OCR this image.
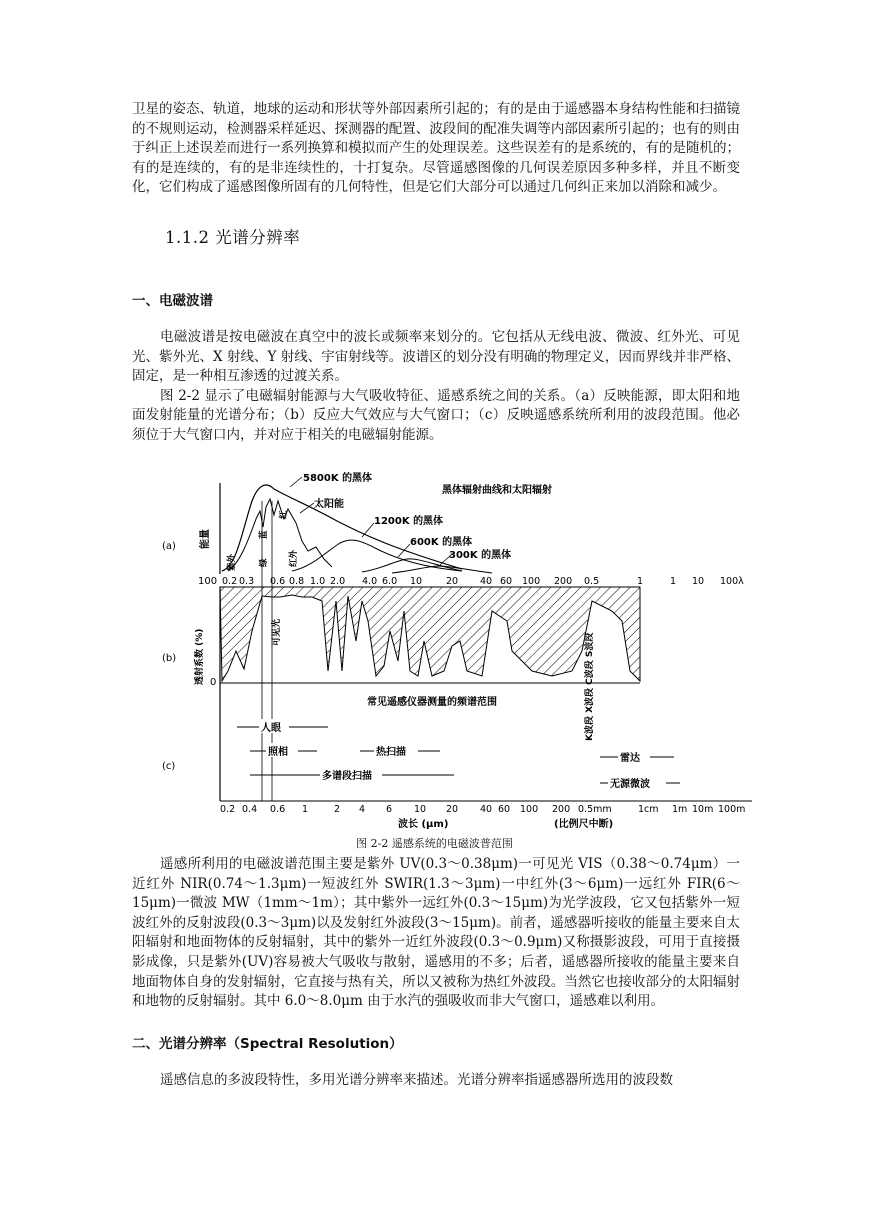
卫星的姿态、轨道，地球的运动和形状等外部因素所引起的；有的是由于遥感器本身结构性能和扫描镜的不规则运动，检测器采样延迟、探测器的配置、波段间的配准失调等内部因素所引起的；也有的则由于纠正上述误差而进行一系列换算和模拟而产生的处理误差。这些误差有的是系统的，有的是随机的；有的是连续的，有的是非连续性的，十打复杂。尽管遥感图像的几何误差原因多种多样，并且不断变化，它们构成了遥感图像所固有的几何特性，但是它们大部分可以通过几何纠正来加以消除和减少。

1.1.2 光谱分辨率
一、电磁波谱

电磁波谱是按电磁波在真空中的波长或频率来划分的。它包括从无线电波、微波、红外光、可见光、紫外光、X 射线、Y 射线、宇宙射线等。波谱区的划分没有明确的物理定义，因而界线并非严格、固定，是一种相互渗透的过渡关系。

图 2-2 显示了电磁辐射能源与大气吸收特征、遥感系统之间的关系。（a）反映能源，即太阳和地面发射能量的光谱分布；（b）反应大气效应与大气窗口；（c）反映遥感系统所利用的波段范围。他必须位于大气窗口内，并对应于相关的电磁辐射能源。

(a) 能量
黑体辐射曲线和太阳辐射
5800K 的黑体
太阳能
1200K 的黑体
600K 的黑体
300K 的黑体
紫外
蓝
绿
红
红外
(b) 透射系数 (%)
100
0
可见光
0.2 0.3 0.6 0.8 1.0 2.0 4.0 6.0 10	20 40 60 100 200 0.5	1	1 10 100λ
(c)
常见遥感仪器测量的频谱范围
人眼
照相	热扫描
多谱段扫描
雷达
无源微波
K波段 X波段 C波段 S波段
0.2 0.4 0.6 1	2 4 6 10 20 40 60 100 200 0.5mm	1cm 1m 10m 100m
波长 (μm)	(比例尺中断)
图 2-2 遥感系统的电磁波普范围

遥感所利用的电磁波谱范围主要是紫外 UV(0.3～0.38μm)一可见光 VIS（0.38～0.74μm）一近红外 NIR(0.74～1.3μm)一短波红外 SWIR(1.3～3μm)一中红外(3～6μm)一远红外 FIR(6～15μm)一微波 MW（1mm～1m）；其中紫外一远红外(0.3～15μm)为光学波段，它又包括紫外一短波红外的反射波段(0.3～3μm)以及发射红外波段(3～15μm)。前者，遥感器听接收的能量主要来自太阳辐射和地面物体的反射辐射，其中的紫外一近红外波段(0.3～0.9μm)又称摄影波段，可用于直接摄影成像，只是紫外(UV)容易被大气吸收与散射，遥感用的不多；后者，遥感器所接收的能量主要来自地面物体自身的发射辐射，它直接与热有关，所以又被称为热红外波段。当然它也接收部分的太阳辐射和地物的反射辐射。其中 6.0～8.0μm 由于水汽的强吸收而非大气窗口，遥感难以利用。

二、光谱分辨率（Spectral Resolution）

遥感信息的多波段特性，多用光谱分辨率来描述。光谱分辨率指遥感器所选用的波段数
